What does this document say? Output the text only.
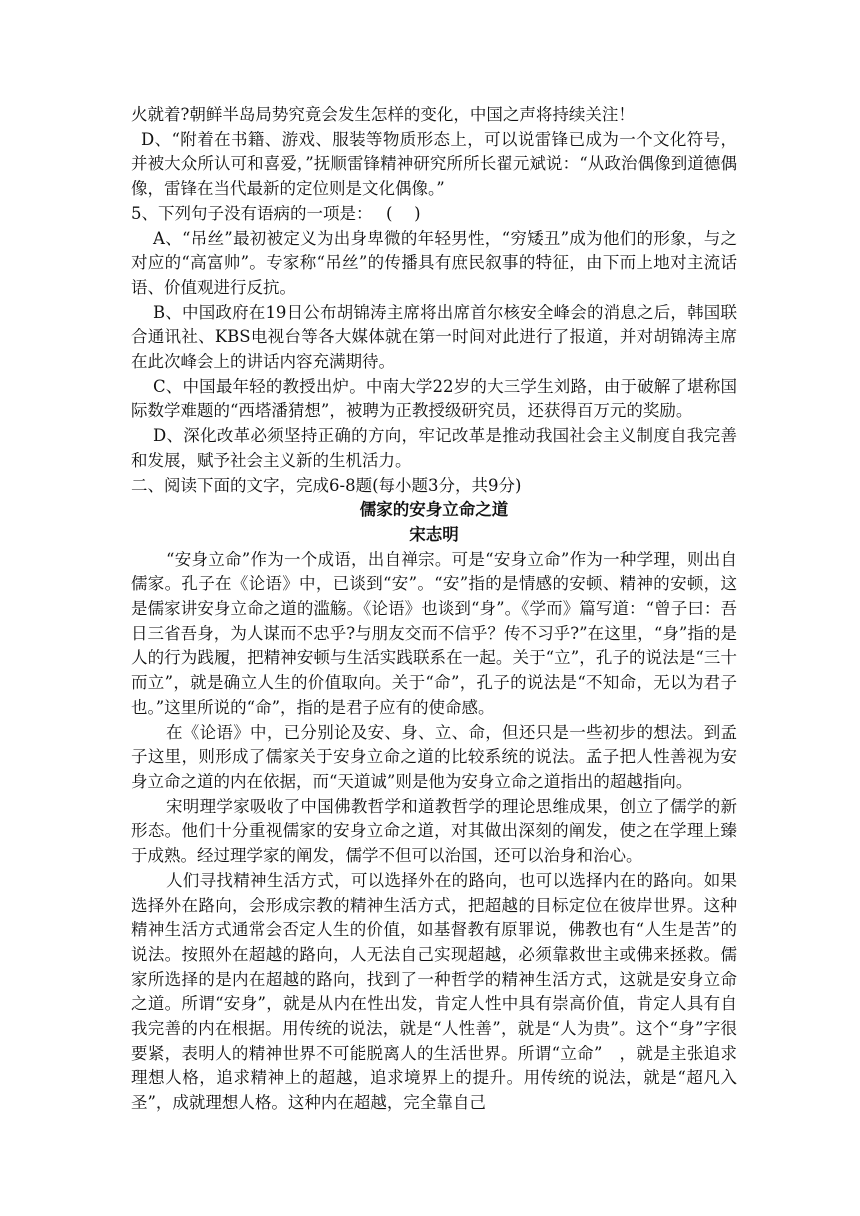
火就着?朝鲜半岛局势究竟会发生怎样的变化，中国之声将持续关注！

D、“附着在书籍、游戏、服装等物质形态上，可以说雷锋已成为一个文化符号，并被大众所认可和喜爱，”抚顺雷锋精神研究所所长翟元斌说：“从政治偶像到道德偶像，雷锋在当代最新的定位则是文化偶像。”

5、下列句子没有语病的一项是：　 (　 )

A、“吊丝”最初被定义为出身卑微的年轻男性，“穷矮丑”成为他们的形象，与之对应的“高富帅”。专家称“吊丝”的传播具有庶民叙事的特征，由下而上地对主流话语、价值观进行反抗。

B、中国政府在19日公布胡锦涛主席将出席首尔核安全峰会的消息之后，韩国联合通讯社、KBS电视台等各大媒体就在第一时间对此进行了报道，并对胡锦涛主席在此次峰会上的讲话内容充满期待。

C、中国最年轻的教授出炉。中南大学22岁的大三学生刘路，由于破解了堪称国际数学难题的“西塔潘猜想”，被聘为正教授级研究员，还获得百万元的奖励。

D、深化改革必须坚持正确的方向，牢记改革是推动我国社会主义制度自我完善和发展，赋予社会主义新的生机活力。

二、阅读下面的文字，完成6-8题(每小题3分，共9分)

儒家的安身立命之道

宋志明

“安身立命”作为一个成语，出自禅宗。可是“安身立命”作为一种学理，则出自儒家。孔子在《论语》中，已谈到“安”。“安”指的是情感的安顿、精神的安顿，这是儒家讲安身立命之道的滥觞。《论语》也谈到“身”。《学而》篇写道：“曾子曰：吾日三省吾身，为人谋而不忠乎?与朋友交而不信乎？传不习乎?”在这里，“身”指的是人的行为践履，把精神安顿与生活实践联系在一起。关于“立”，孔子的说法是“三十而立”，就是确立人生的价值取向。关于“命”，孔子的说法是“不知命，无以为君子也。”这里所说的“命”，指的是君子应有的使命感。

在《论语》中，已分别论及安、身、立、命，但还只是一些初步的想法。到孟子这里，则形成了儒家关于安身立命之道的比较系统的说法。孟子把人性善视为安身立命之道的内在依据，而“天道诚”则是他为安身立命之道指出的超越指向。

宋明理学家吸收了中国佛教哲学和道教哲学的理论思维成果，创立了儒学的新形态。他们十分重视儒家的安身立命之道，对其做出深刻的阐发，使之在学理上臻于成熟。经过理学家的阐发，儒学不但可以治国，还可以治身和治心。

人们寻找精神生活方式，可以选择外在的路向，也可以选择内在的路向。如果选择外在路向，会形成宗教的精神生活方式，把超越的目标定位在彼岸世界。这种精神生活方式通常会否定人生的价值，如基督教有原罪说，佛教也有“人生是苦”的说法。按照外在超越的路向，人无法自己实现超越，必须靠救世主或佛来拯救。儒家所选择的是内在超越的路向，找到了一种哲学的精神生活方式，这就是安身立命之道。所谓“安身”，就是从内在性出发，肯定人性中具有崇高价值，肯定人具有自我完善的内在根据。用传统的说法，就是“人性善”，就是“人为贵”。这个“身”字很要紧，表明人的精神世界不可能脱离人的生活世界。所谓“立命”　，就是主张追求理想人格，追求精神上的超越，追求境界上的提升。用传统的说法，就是“超凡入圣”，成就理想人格。这种内在超越，完全靠自己
